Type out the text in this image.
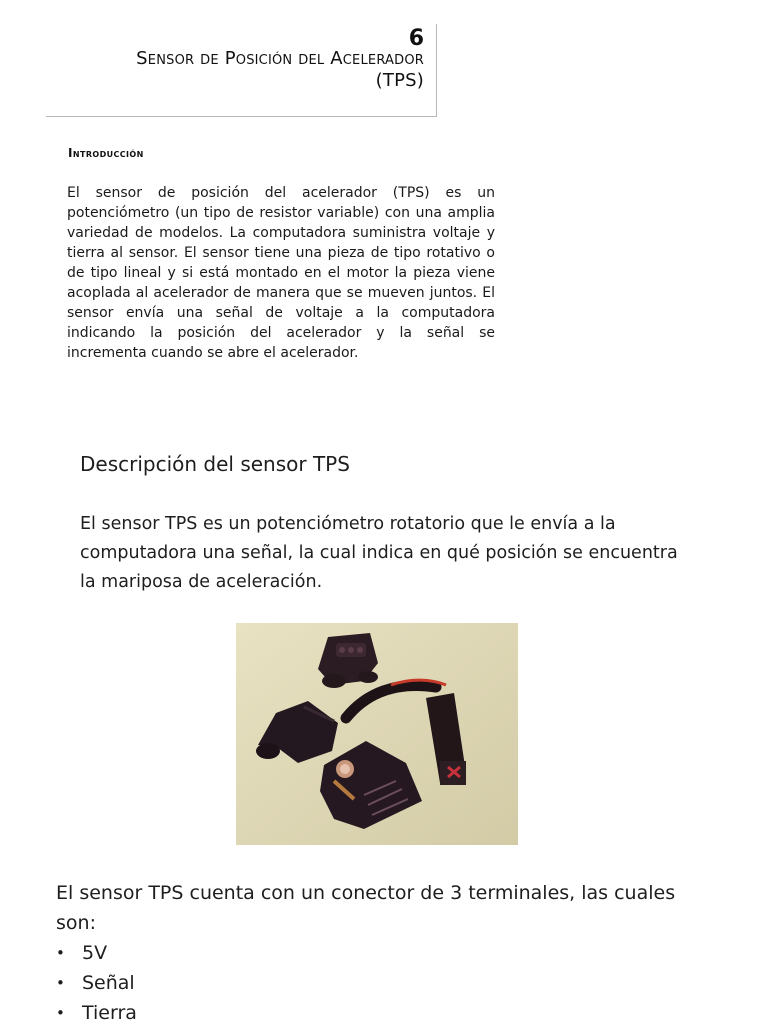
6
Sensor de Posición del Acelerador
(TPS)
Introducción
El sensor de posición del acelerador (TPS) es un potenciómetro (un tipo de resistor variable) con una amplia variedad de modelos. La computadora suministra voltaje y tierra al sensor. El sensor tiene una pieza de tipo rotativo o de tipo lineal y si está montado en el motor la pieza viene acoplada al acelerador de manera que se mueven juntos. El sensor envía una señal de voltaje a la computadora indicando la posición del acelerador y la señal se incrementa cuando se abre el acelerador.
Descripción del sensor TPS
El sensor TPS es un potenciómetro rotatorio que le envía a la computadora una señal, la cual indica en qué posición se encuentra la mariposa de aceleración.
El sensor TPS cuenta con un conector de 3 terminales, las cuales son:
• 5V
• Señal
• Tierra
